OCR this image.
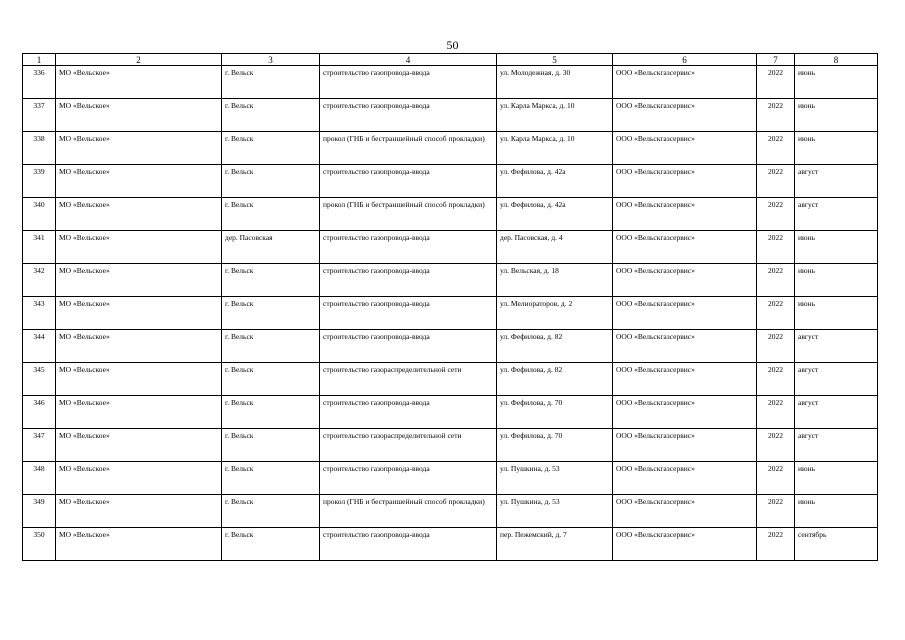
50
1	2	3	4	5	6	7	8
336	МО «Вельское»	г. Вельск	строительство газопровода-ввода	ул. Молодежная, д. 30	ООО «Вельскгазсервис»	2022	июнь
337	МО «Вельское»	г. Вельск	строительство газопровода-ввода	ул. Карла Маркса, д. 10	ООО «Вельскгазсервис»	2022	июнь
338	МО «Вельское»	г. Вельск	прокол (ГНБ и бестраншейный способ прокладки)	ул. Карла Маркса, д. 10	ООО «Вельскгазсервис»	2022	июнь
339	МО «Вельское»	г. Вельск	строительство газопровода-ввода	ул. Фефилова, д. 42а	ООО «Вельскгазсервис»	2022	август
340	МО «Вельское»	г. Вельск	прокол (ГНБ и бестраншейный способ прокладки)	ул. Фефилова, д. 42а	ООО «Вельскгазсервис»	2022	август
341	МО «Вельское»	дер. Пасовская	строительство газопровода-ввода	дер. Пасовская, д. 4	ООО «Вельскгазсервис»	2022	июнь
342	МО «Вельское»	г. Вельск	строительство газопровода-ввода	ул. Вельская, д. 18	ООО «Вельскгазсервис»	2022	июнь
343	МО «Вельское»	г. Вельск	строительство газопровода-ввода	ул. Мелиораторов, д. 2	ООО «Вельскгазсервис»	2022	июнь
344	МО «Вельское»	г. Вельск	строительство газопровода-ввода	ул. Фефилова, д. 82	ООО «Вельскгазсервис»	2022	август
345	МО «Вельское»	г. Вельск	строительство газораспределительной сети	ул. Фефилова, д. 82	ООО «Вельскгазсервис»	2022	август
346	МО «Вельское»	г. Вельск	строительство газопровода-ввода	ул. Фефилова, д. 70	ООО «Вельскгазсервис»	2022	август
347	МО «Вельское»	г. Вельск	строительство газораспределительной сети	ул. Фефилова, д. 70	ООО «Вельскгазсервис»	2022	август
348	МО «Вельское»	г. Вельск	строительство газопровода-ввода	ул. Пушкина, д. 53	ООО «Вельскгазсервис»	2022	июнь
349	МО «Вельское»	г. Вельск	прокол (ГНБ и бестраншейный способ прокладки)	ул. Пушкина, д. 53	ООО «Вельскгазсервис»	2022	июнь
350	МО «Вельское»	г. Вельск	строительство газопровода-ввода	пер. Пежемский, д. 7	ООО «Вельскгазсервис»	2022	сентябрь
